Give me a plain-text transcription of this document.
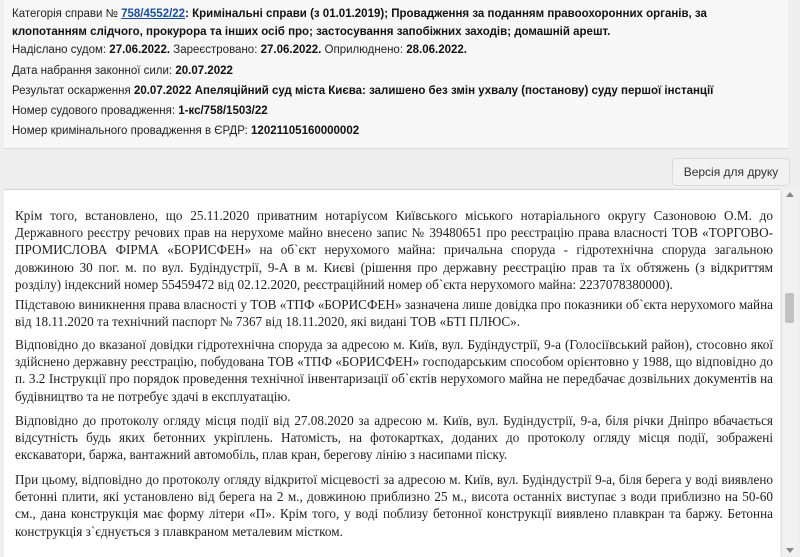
Категорія справи № 758/4552/22: Кримінальні справи (з 01.01.2019); Провадження за поданням правоохоронних органів, за клопотанням слідчого, прокурора та інших осіб про; застосування запобіжних заходів; домашній арешт.
Надіслано судом: 27.06.2022. Зареєстровано: 27.06.2022. Оприлюднено: 28.06.2022.
Дата набрання законної сили: 20.07.2022
Результат оскарження 20.07.2022 Апеляційний суд міста Києва: залишено без змін ухвалу (постанову) суду першої інстанції
Номер судового провадження: 1-кс/758/1503/22
Номер кримінального провадження в ЄРДР: 12021105160000002
Версія для друку

Крім того, встановлено, що 25.11.2020 приватним нотаріусом Київського міського нотаріального округу Сазоновою О.М. до Державного реєстру речових прав на нерухоме майно внесено запис № 39480651 про реєстрацію права власності ТОВ «ТОРГОВО-ПРОМИСЛОВА ФІРМА «БОРИСФЕН» на об`єкт нерухомого майна: причальна споруда - гідротехнічна споруда загальною довжиною 30 пог. м. по вул. Будіндустрії, 9-А в м. Києві (рішення про державну реєстрацію прав та їх обтяжень (з відкриттям розділу) індексний номер 55459472 від 02.12.2020, реєстраційний номер об`єкта нерухомого майна: 2237078380000).

Підставою виникнення права власності у ТОВ «ТПФ «БОРИСФЕН» зазначена лише довідка про показники об`єкта нерухомого майна від 18.11.2020 та технічний паспорт № 7367 від 18.11.2020, які видані ТОВ «БТІ ПЛЮС».

Відповідно до вказаної довідки гідротехнічна споруда за адресою м. Київ, вул. Будіндустрії, 9-а (Голосіївський район), стосовно якої здійснено державну реєстрацію, побудована ТОВ «ТПФ «БОРИСФЕН» господарським способом орієнтовно у 1988, що відповідно до п. 3.2 Інструкції про порядок проведення технічної інвентаризації об`єктів нерухомого майна не передбачає дозвільних документів на будівництво та не потребує здачі в експлуатацію.

Відповідно до протоколу огляду місця події від 27.08.2020 за адресою м. Київ, вул. Будіндустрії, 9-а, біля річки Дніпро вбачається відсутність будь яких бетонних укріплень. Натомість, на фотокартках, доданих до протоколу огляду місця події, зображені екскаватори, баржа, вантажний автомобіль, плав кран, берегову лінію з насипами піску.

При цьому, відповідно до протоколу огляду відкритої місцевості за адресою м. Київ, вул. Будіндустрії 9-а, біля берега у воді виявлено бетонні плити, які установлено від берега на 2 м., довжиною приблизно 25 м., висота останніх виступає з води приблизно на 50-60 см., дана конструкція має форму літери «П». Крім того, у воді поблизу бетонної конструкції виявлено плавкран та баржу. Бетонна конструкція з`єднується з плавкраном металевим містком.
